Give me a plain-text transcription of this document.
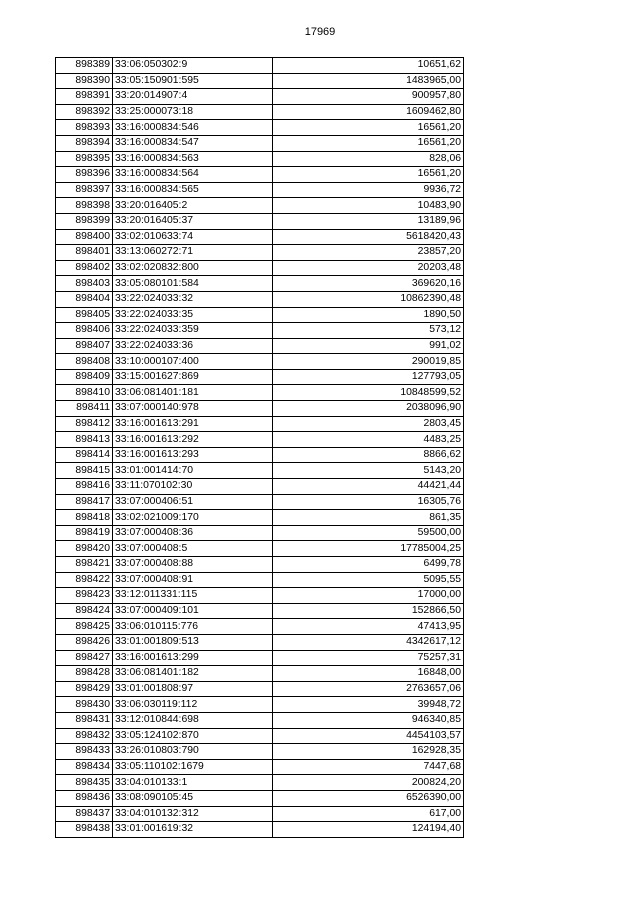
17969
898389	33:06:050302:9	10651,62
898390	33:05:150901:595	1483965,00
898391	33:20:014907:4	900957,80
898392	33:25:000073:18	1609462,80
898393	33:16:000834:546	16561,20
898394	33:16:000834:547	16561,20
898395	33:16:000834:563	828,06
898396	33:16:000834:564	16561,20
898397	33:16:000834:565	9936,72
898398	33:20:016405:2	10483,90
898399	33:20:016405:37	13189,96
898400	33:02:010633:74	5618420,43
898401	33:13:060272:71	23857,20
898402	33:02:020832:800	20203,48
898403	33:05:080101:584	369620,16
898404	33:22:024033:32	10862390,48
898405	33:22:024033:35	1890,50
898406	33:22:024033:359	573,12
898407	33:22:024033:36	991,02
898408	33:10:000107:400	290019,85
898409	33:15:001627:869	127793,05
898410	33:06:081401:181	10848599,52
898411	33:07:000140:978	2038096,90
898412	33:16:001613:291	2803,45
898413	33:16:001613:292	4483,25
898414	33:16:001613:293	8866,62
898415	33:01:001414:70	5143,20
898416	33:11:070102:30	44421,44
898417	33:07:000406:51	16305,76
898418	33:02:021009:170	861,35
898419	33:07:000408:36	59500,00
898420	33:07:000408:5	17785004,25
898421	33:07:000408:88	6499,78
898422	33:07:000408:91	5095,55
898423	33:12:011331:115	17000,00
898424	33:07:000409:101	152866,50
898425	33:06:010115:776	47413,95
898426	33:01:001809:513	4342617,12
898427	33:16:001613:299	75257,31
898428	33:06:081401:182	16848,00
898429	33:01:001808:97	2763657,06
898430	33:06:030119:112	39948,72
898431	33:12:010844:698	946340,85
898432	33:05:124102:870	4454103,57
898433	33:26:010803:790	162928,35
898434	33:05:110102:1679	7447,68
898435	33:04:010133:1	200824,20
898436	33:08:090105:45	6526390,00
898437	33:04:010132:312	617,00
898438	33:01:001619:32	124194,40
